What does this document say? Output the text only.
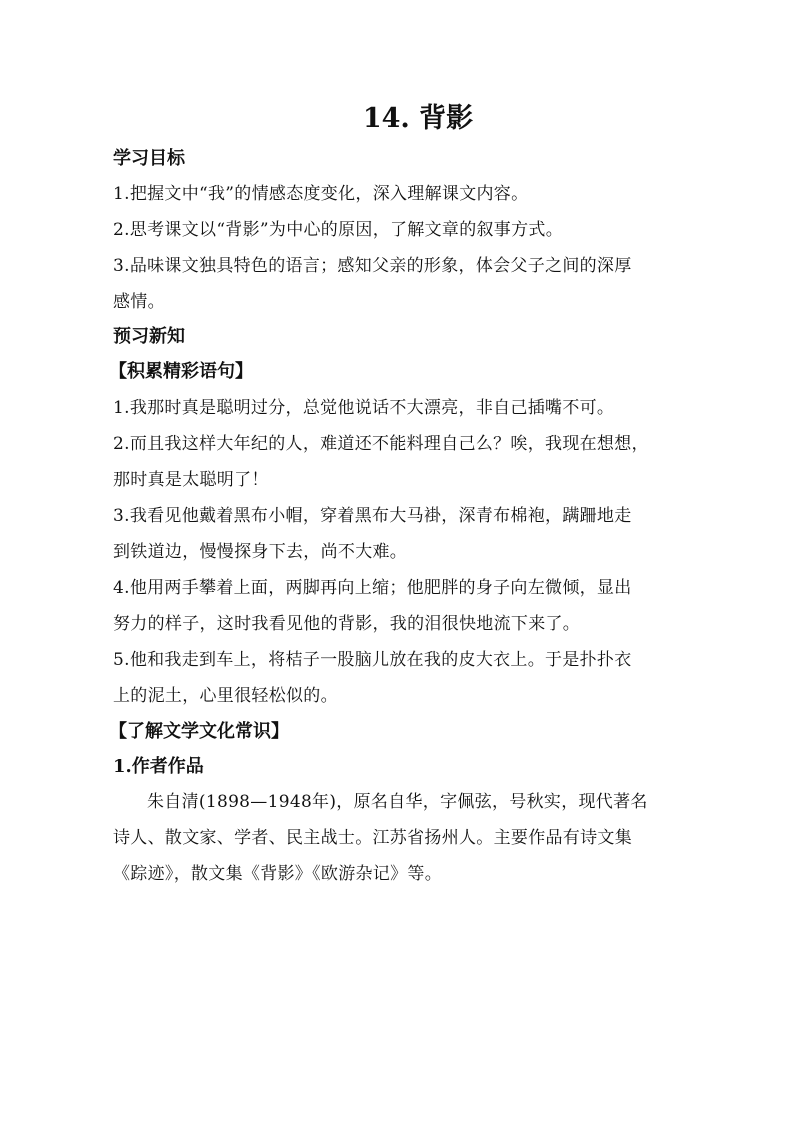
14. 背影
学习目标
1.把握文中“我”的情感态度变化，深入理解课文内容。
2.思考课文以“背影”为中心的原因，了解文章的叙事方式。
3.品味课文独具特色的语言；感知父亲的形象，体会父子之间的深厚
感情。
预习新知
【积累精彩语句】
1.我那时真是聪明过分，总觉他说话不大漂亮，非自己插嘴不可。
2.而且我这样大年纪的人，难道还不能料理自己么？唉，我现在想想，
那时真是太聪明了！
3.我看见他戴着黑布小帽，穿着黑布大马褂，深青布棉袍，蹒跚地走
到铁道边，慢慢探身下去，尚不大难。
4.他用两手攀着上面，两脚再向上缩；他肥胖的身子向左微倾，显出
努力的样子，这时我看见他的背影，我的泪很快地流下来了。
5.他和我走到车上，将桔子一股脑儿放在我的皮大衣上。于是扑扑衣
上的泥土，心里很轻松似的。
【了解文学文化常识】
1.作者作品
朱自清(1898—1948年)，原名自华，字佩弦，号秋实，现代著名
诗人、散文家、学者、民主战士。江苏省扬州人。主要作品有诗文集
《踪迹》，散文集《背影》《欧游杂记》等。
